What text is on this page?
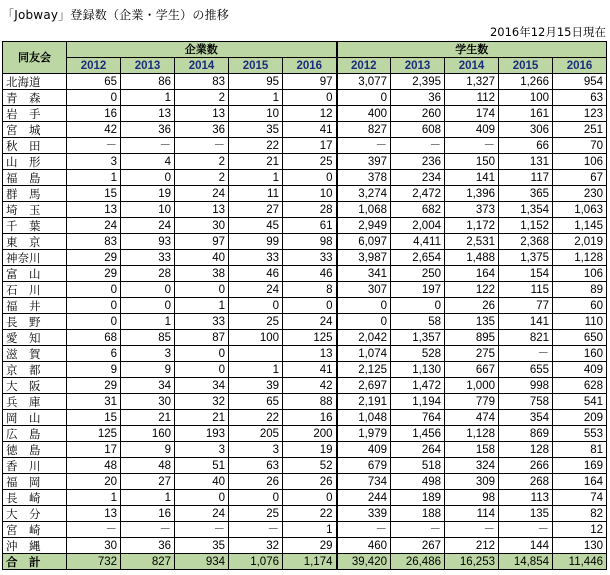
「Jobway」登録数（企業・学生）の推移
2016年12月15日現在
同友会	企業数					学生数				
	2012	2013	2014	2015	2016	2012	2013	2014	2015	2016
北海道	65	86	83	95	97	3,077	2,395	1,327	1,266	954
青　森	0	1	2	1	0	0	36	112	100	63
岩　手	16	13	13	10	12	400	260	174	161	123
宮　城	42	36	36	35	41	827	608	409	306	251
秋　田	－	－	－	22	17	－	－	－	66	70
山　形	3	4	2	21	25	397	236	150	131	106
福　島	1	0	2	1	0	378	234	141	117	67
群　馬	15	19	24	11	10	3,274	2,472	1,396	365	230
埼　玉	13	10	13	27	28	1,068	682	373	1,354	1,063
千　葉	24	24	30	45	61	2,949	2,004	1,172	1,152	1,145
東　京	83	93	97	99	98	6,097	4,411	2,531	2,368	2,019
神奈川	29	33	40	33	33	3,987	2,654	1,488	1,375	1,128
富　山	29	28	38	46	46	341	250	164	154	106
石　川	0	0	0	24	8	307	197	122	115	89
福　井	0	0	1	0	0	0	0	26	77	60
長　野	0	1	33	25	24	0	58	135	141	110
愛　知	68	85	87	100	125	2,042	1,357	895	821	650
滋　賀	6	3	0		13	1,074	528	275	－	160
京　都	9	9	0	1	41	2,125	1,130	667	655	409
大　阪	29	34	34	39	42	2,697	1,472	1,000	998	628
兵　庫	31	30	32	65	88	2,191	1,194	779	758	541
岡　山	15	21	21	22	16	1,048	764	474	354	209
広　島	125	160	193	205	200	1,979	1,456	1,128	869	553
徳　島	17	9	3	3	19	409	264	158	128	81
香　川	48	48	51	63	52	679	518	324	266	169
福　岡	20	27	40	26	26	734	498	309	268	164
長　崎	1	1	0	0	0	244	189	98	113	74
大　分	13	16	24	25	22	339	188	114	135	82
宮　崎	－	－	－	－	1	－	－	－	－	12
沖　縄	30	36	35	32	29	460	267	212	144	130
合　計	732	827	934	1,076	1,174	39,420	26,486	16,253	14,854	11,446
